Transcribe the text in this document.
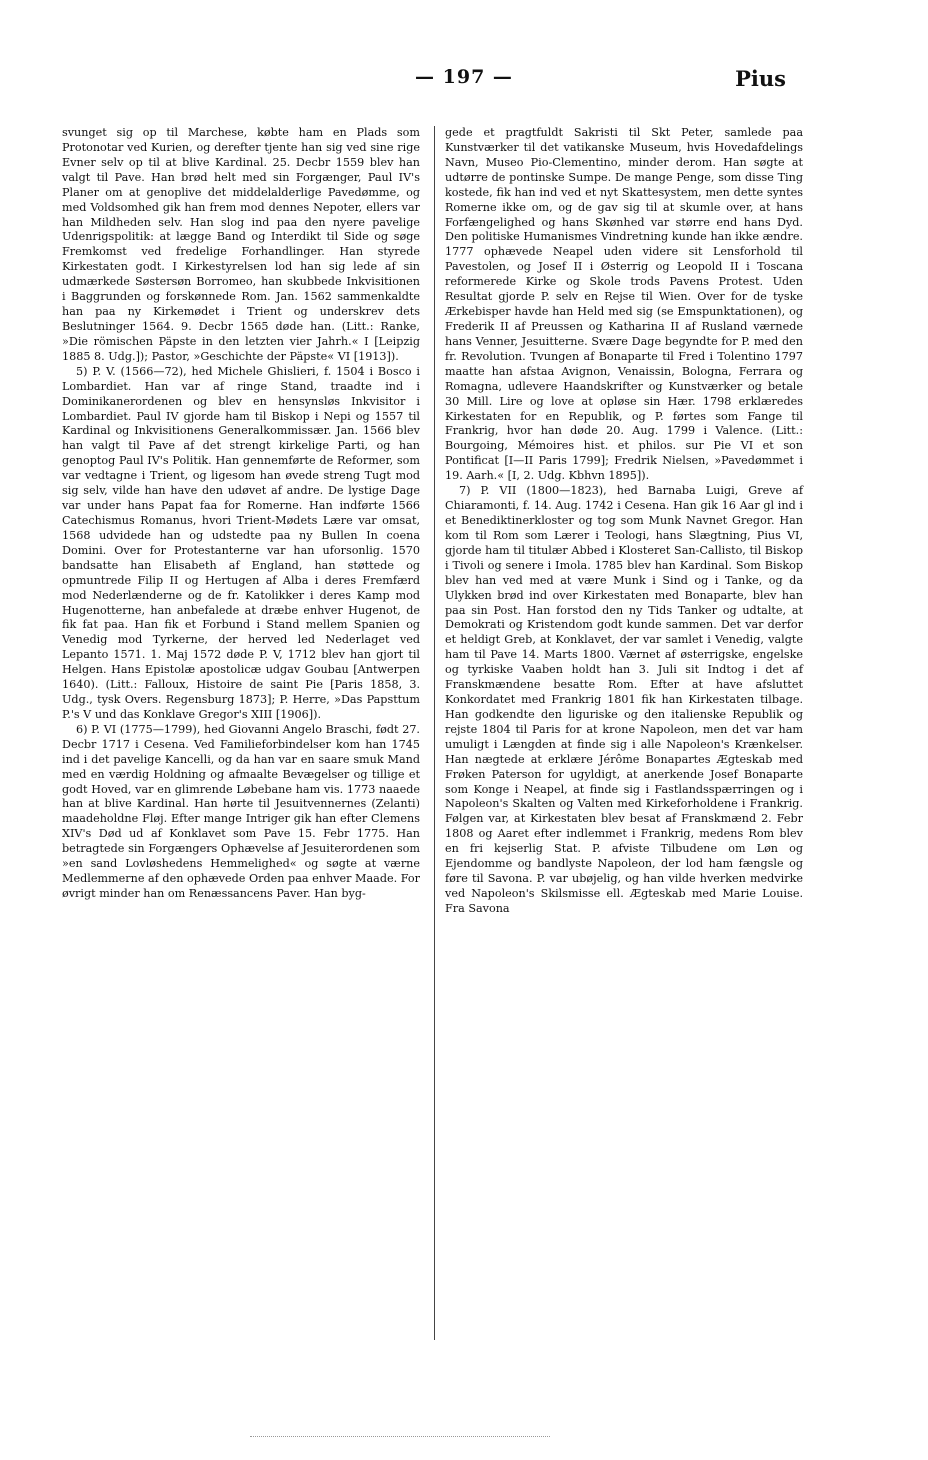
— 197 —	Pius

svunget sig op til Marchese, købte ham en Plads som Protonotar ved Kurien, og derefter tjente han sig ved sine rige Evner selv op til at blive Kardinal. 25. Decbr 1559 blev han valgt til Pave. Han brød helt med sin Forgænger, Paul IV's Planer om at genoplive det middelalderlige Pavedømme, og med Voldsomhed gik han frem mod dennes Nepoter, ellers var han Mildheden selv. Han slog ind paa den nyere pavelige Udenrigspolitik: at lægge Band og Interdikt til Side og søge Fremkomst ved fredelige Forhandlinger. Han styrede Kirkestaten godt. I Kirkestyrelsen lod han sig lede af sin udmærkede Søstersøn Borromeo, han skubbede Inkvisitionen i Baggrunden og forskønnede Rom. Jan. 1562 sammenkaldte han paa ny Kirkemødet i Trient og underskrev dets Beslutninger 1564. 9. Decbr 1565 døde han. (Litt.: Ranke, »Die römischen Päpste in den letzten vier Jahrh.« I [Leipzig 1885 8. Udg.]); Pastor, »Geschichte der Päpste« VI [1913]).

5) P. V. (1566—72), hed Michele Ghislieri, f. 1504 i Bosco i Lombardiet. Han var af ringe Stand, traadte ind i Dominikanerordenen og blev en hensynsløs Inkvisitor i Lombardiet. Paul IV gjorde ham til Biskop i Nepi og 1557 til Kardinal og Inkvisitionens Generalkommissær. Jan. 1566 blev han valgt til Pave af det strengt kirkelige Parti, og han genoptog Paul IV's Politik. Han gennemførte de Reformer, som var vedtagne i Trient, og ligesom han øvede streng Tugt mod sig selv, vilde han have den udøvet af andre. De lystige Dage var under hans Papat faa for Romerne. Han indførte 1566 Catechismus Romanus, hvori Trient-Mødets Lære var omsat, 1568 udvidede han og udstedte paa ny Bullen In coena Domini. Over for Protestanterne var han uforsonlig. 1570 bandsatte han Elisabeth af England, han støttede og opmuntrede Filip II og Hertugen af Alba i deres Fremfærd mod Nederlænderne og de fr. Katolikker i deres Kamp mod Hugenotterne, han anbefalede at dræbe enhver Hugenot, de fik fat paa. Han fik et Forbund i Stand mellem Spanien og Venedig mod Tyrkerne, der herved led Nederlaget ved Lepanto 1571. 1. Maj 1572 døde P. V, 1712 blev han gjort til Helgen. Hans Epistolæ apostolicæ udgav Goubau [Antwerpen 1640). (Litt.: Falloux, Histoire de saint Pie [Paris 1858, 3. Udg., tysk Overs. Regensburg 1873]; P. Herre, »Das Papsttum P.'s V und das Konklave Gregor's XIII [1906]).

6) P. VI (1775—1799), hed Giovanni Angelo Braschi, født 27. Decbr 1717 i Cesena. Ved Familieforbindelser kom han 1745 ind i det pavelige Kancelli, og da han var en saare smuk Mand med en værdig Holdning og afmaalte Bevægelser og tillige et godt Hoved, var en glimrende Løbebane ham vis. 1773 naaede han at blive Kardinal. Han hørte til Jesuitvennernes (Zelanti) maadeholdne Fløj. Efter mange Intriger gik han efter Clemens XIV's Død ud af Konklavet som Pave 15. Febr 1775. Han betragtede sin Forgængers Ophævelse af Jesuiterordenen som »en sand Lovløshedens Hemmelighed« og søgte at værne Medlemmerne af den ophævede Orden paa enhver Maade. For øvrigt minder han om Renæssancens Paver. Han byg-

gede et pragtfuldt Sakristi til Skt Peter, samlede paa Kunstværker til det vatikanske Museum, hvis Hovedafdelings Navn, Museo Pio-Clementino, minder derom. Han søgte at udtørre de pontinske Sumpe. De mange Penge, som disse Ting kostede, fik han ind ved et nyt Skattesystem, men dette syntes Romerne ikke om, og de gav sig til at skumle over, at hans Forfængelighed og hans Skønhed var større end hans Dyd. Den politiske Humanismes Vindretning kunde han ikke ændre. 1777 ophævede Neapel uden videre sit Lensforhold til Pavestolen, og Josef II i Østerrig og Leopold II i Toscana reformerede Kirke og Skole trods Pavens Protest. Uden Resultat gjorde P. selv en Rejse til Wien. Over for de tyske Ærkebisper havde han Held med sig (se Emspunktationen), og Frederik II af Preussen og Katharina II af Rusland værnede hans Venner, Jesuitterne. Svære Dage begyndte for P. med den fr. Revolution. Tvungen af Bonaparte til Fred i Tolentino 1797 maatte han afstaa Avignon, Venaissin, Bologna, Ferrara og Romagna, udlevere Haandskrifter og Kunstværker og betale 30 Mill. Lire og love at opløse sin Hær. 1798 erklæredes Kirkestaten for en Republik, og P. førtes som Fange til Frankrig, hvor han døde 20. Aug. 1799 i Valence. (Litt.: Bourgoing, Mémoires hist. et philos. sur Pie VI et son Pontificat [I—II Paris 1799]; Fredrik Nielsen, »Pavedømmet i 19. Aarh.« [I, 2. Udg. Kbhvn 1895]).

7) P. VII (1800—1823), hed Barnaba Luigi, Greve af Chiaramonti, f. 14. Aug. 1742 i Cesena. Han gik 16 Aar gl ind i et Benediktinerkloster og tog som Munk Navnet Gregor. Han kom til Rom som Lærer i Teologi, hans Slægtning, Pius VI, gjorde ham til titulær Abbed i Klosteret San-Callisto, til Biskop i Tivoli og senere i Imola. 1785 blev han Kardinal. Som Biskop blev han ved med at være Munk i Sind og i Tanke, og da Ulykken brød ind over Kirkestaten med Bonaparte, blev han paa sin Post. Han forstod den ny Tids Tanker og udtalte, at Demokrati og Kristendom godt kunde sammen. Det var derfor et heldigt Greb, at Konklavet, der var samlet i Venedig, valgte ham til Pave 14. Marts 1800. Værnet af østerrigske, engelske og tyrkiske Vaaben holdt han 3. Juli sit Indtog i det af Franskmændene besatte Rom. Efter at have afsluttet Konkordatet med Frankrig 1801 fik han Kirkestaten tilbage. Han godkendte den liguriske og den italienske Republik og rejste 1804 til Paris for at krone Napoleon, men det var ham umuligt i Længden at finde sig i alle Napoleon's Krænkelser. Han nægtede at erklære Jérôme Bonapartes Ægteskab med Frøken Paterson for ugyldigt, at anerkende Josef Bonaparte som Konge i Neapel, at finde sig i Fastlandsspærringen og i Napoleon's Skalten og Valten med Kirkeforholdene i Frankrig. Følgen var, at Kirkestaten blev besat af Franskmænd 2. Febr 1808 og Aaret efter indlemmet i Frankrig, medens Rom blev en fri kejserlig Stat. P. afviste Tilbudene om Løn og Ejendomme og bandlyste Napoleon, der lod ham fængsle og føre til Savona. P. var ubøjelig, og han vilde hverken medvirke ved Napoleon's Skilsmisse ell. Ægteskab med Marie Louise. Fra Savona
